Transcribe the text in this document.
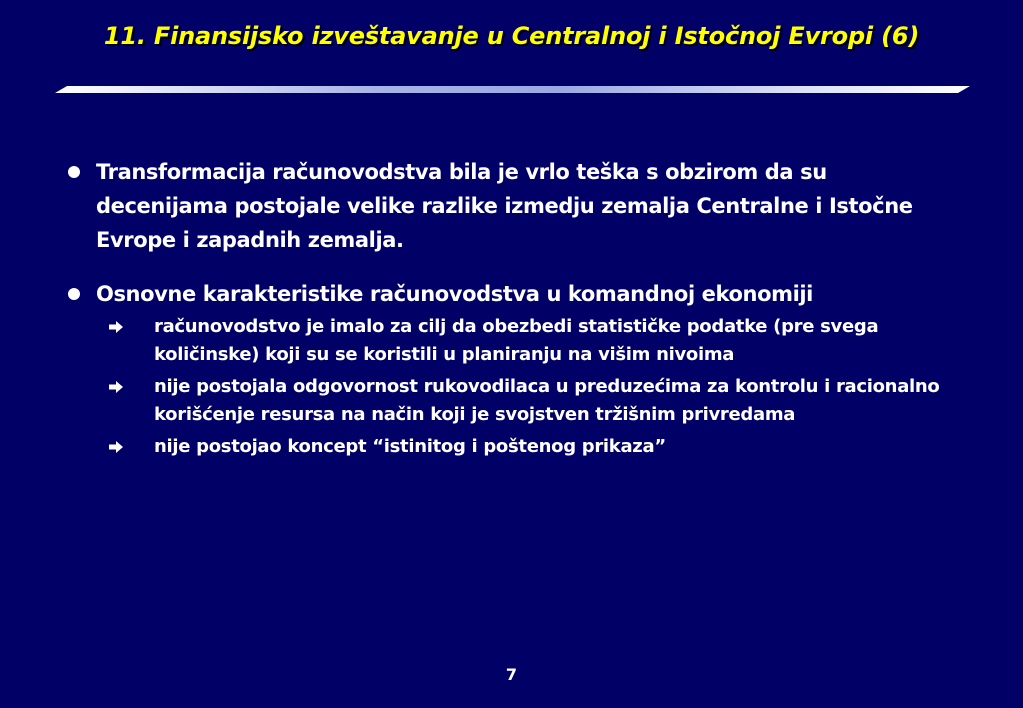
11. Finansijsko izveštavanje u Centralnoj i Istočnoj Evropi (6)
Transformacija računovodstva bila je vrlo teška s obzirom da su decenijama postojale velike razlike izmedju zemalja Centralne i Istočne Evrope i zapadnih zemalja.
Osnovne karakteristike računovodstva u komandnoj ekonomiji
računovodstvo je imalo za cilj da obezbedi statističke podatke (pre svega količinske) koji su se koristili u planiranju na višim nivoima
nije postojala odgovornost rukovodilaca u preduzećima za kontrolu i racionalno korišćenje resursa na način koji je svojstven tržišnim privredama
nije postojao koncept “istinitog i poštenog prikaza”
7
